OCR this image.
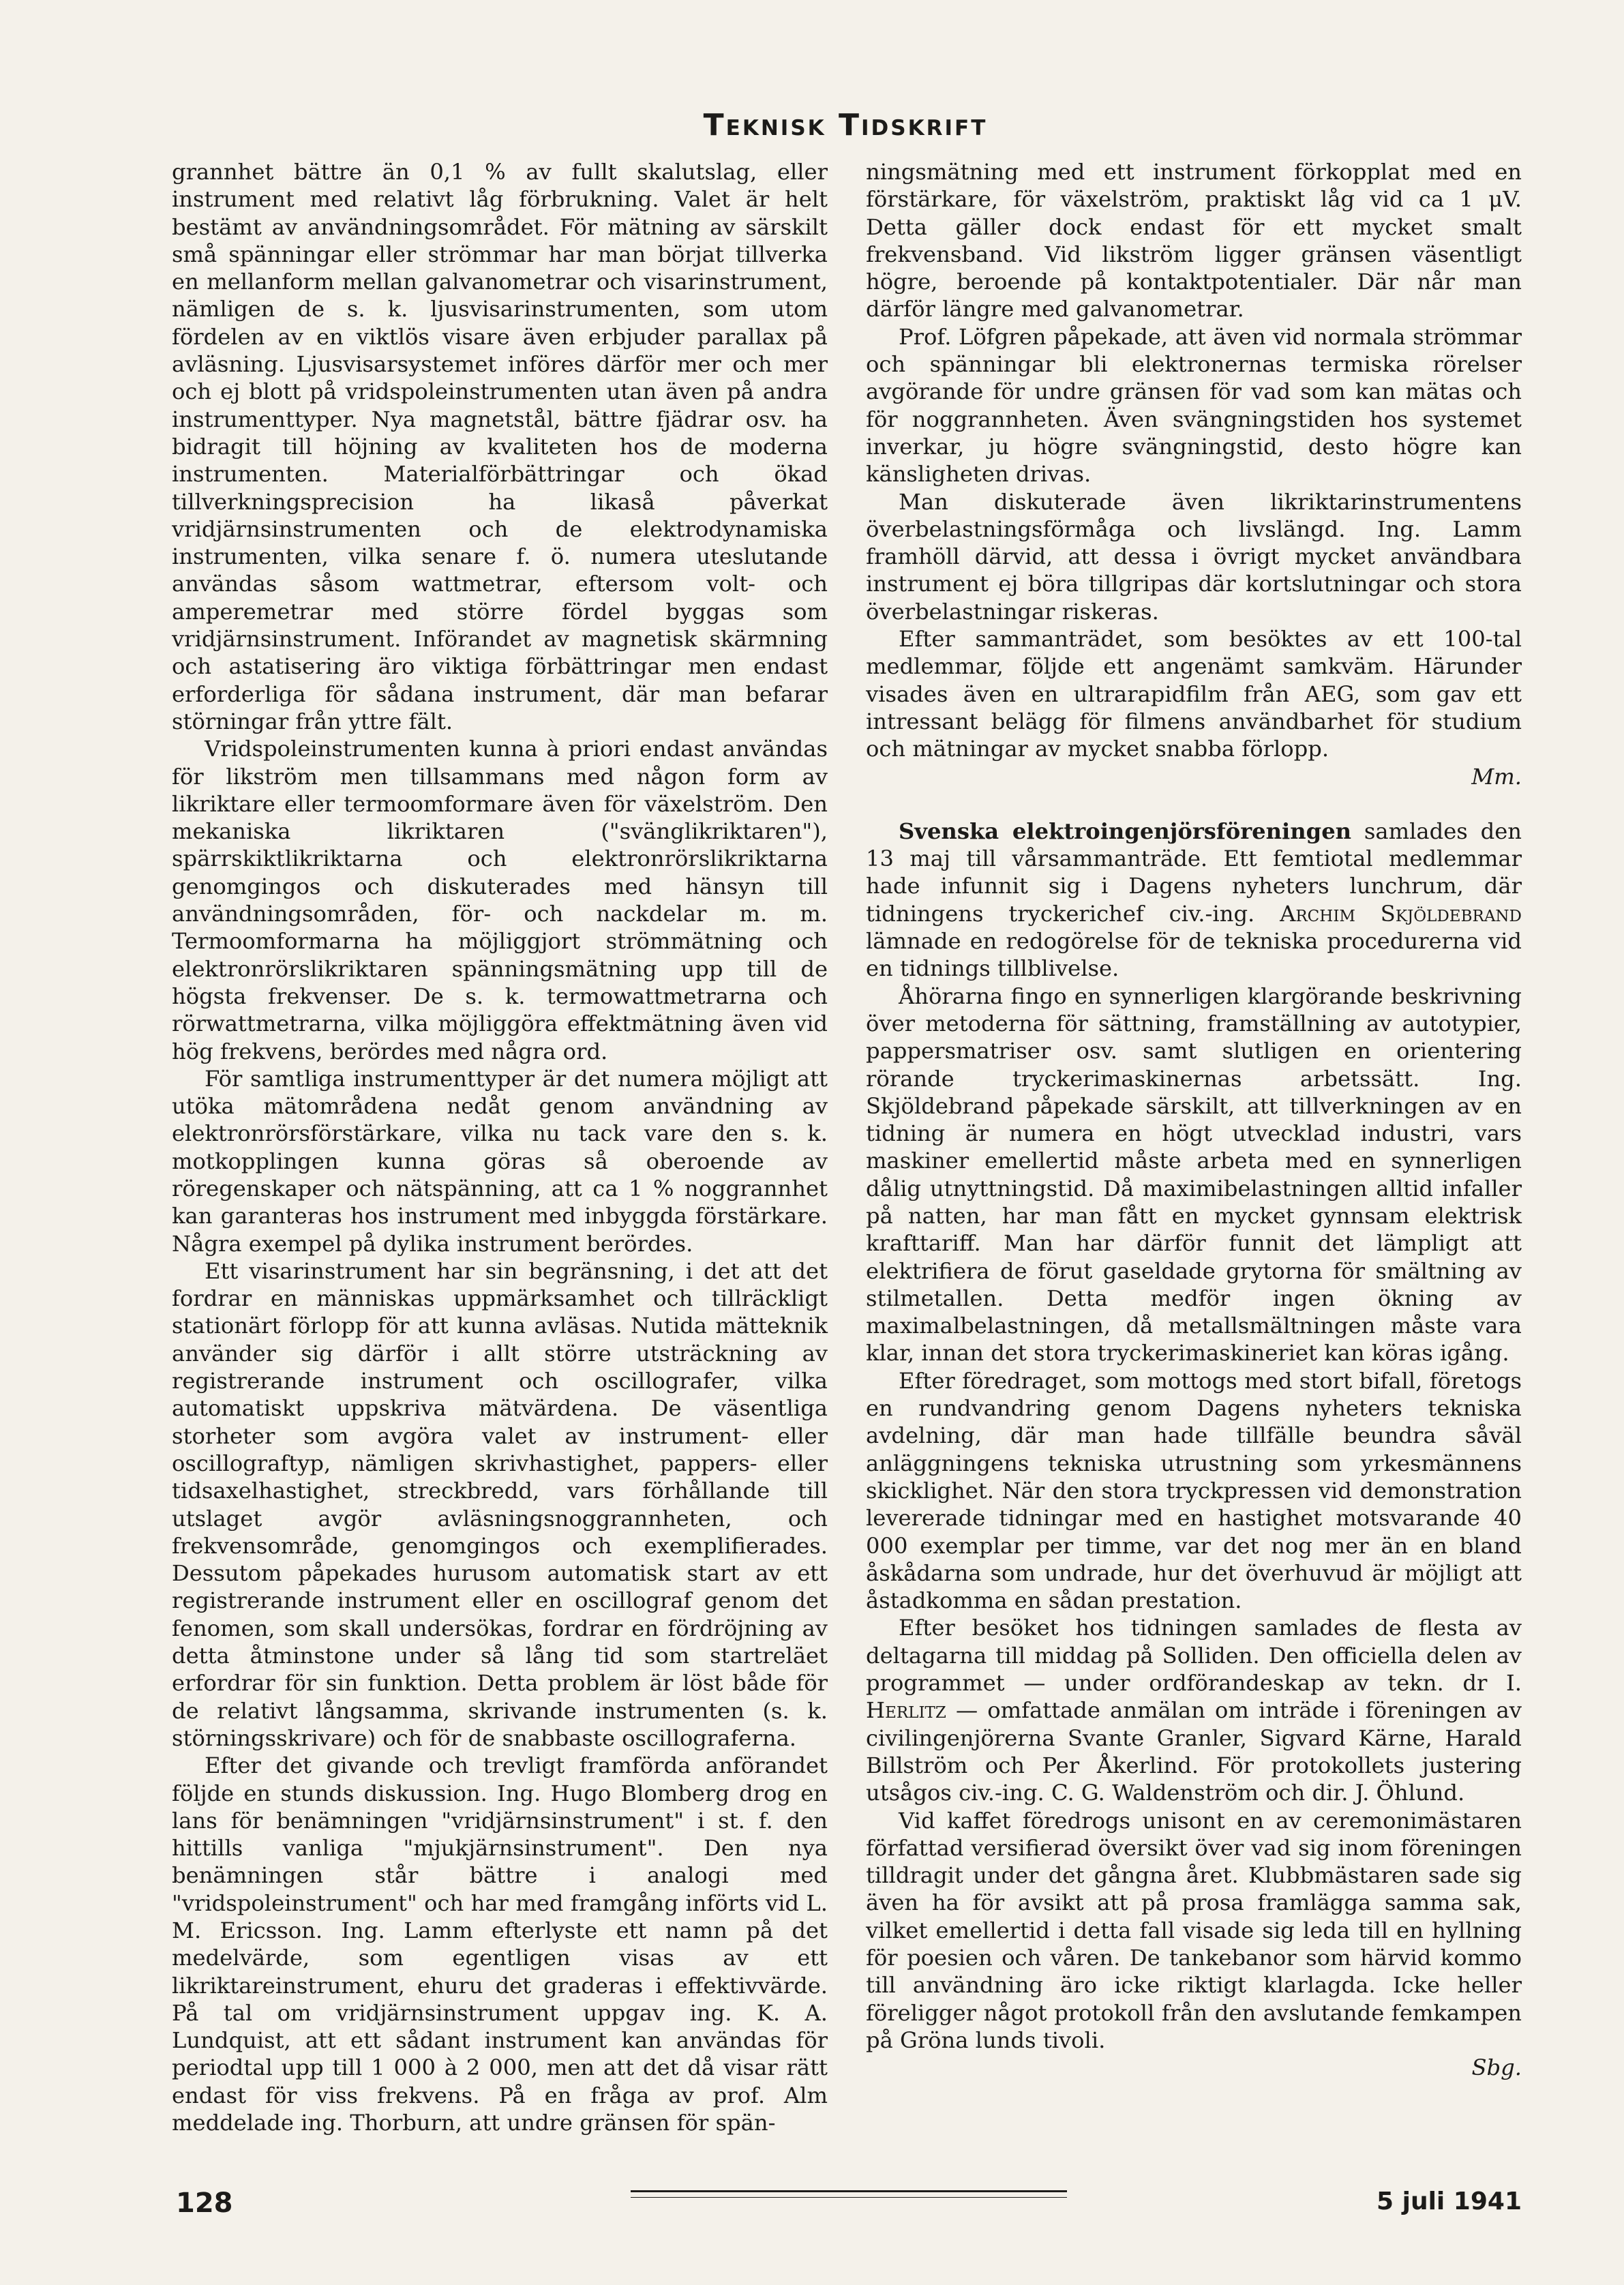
Teknisk Tidskrift

grannhet bättre än 0,1 % av fullt skalutslag, eller instrument med relativt låg förbrukning. Valet är helt bestämt av användningsområdet. För mätning av särskilt små spänningar eller strömmar har man börjat tillverka en mellanform mellan galvanometrar och visarinstrument, nämligen de s. k. ljusvisarinstrumenten, som utom fördelen av en viktlös visare även erbjuder parallax på avläsning. Ljusvisarsystemet införes därför mer och mer och ej blott på vridspoleinstrumenten utan även på andra instrumenttyper. Nya magnetstål, bättre fjädrar osv. ha bidragit till höjning av kvaliteten hos de moderna instrumenten. Materialförbättringar och ökad tillverkningsprecision ha likaså påverkat vridjärnsinstrumenten och de elektrodynamiska instrumenten, vilka senare f. ö. numera uteslutande användas såsom wattmetrar, eftersom volt- och amperemetrar med större fördel byggas som vridjärnsinstrument. Införandet av magnetisk skärmning och astatisering äro viktiga förbättringar men endast erforderliga för sådana instrument, där man befarar störningar från yttre fält.

Vridspoleinstrumenten kunna à priori endast användas för likström men tillsammans med någon form av likriktare eller termoomformare även för växelström. Den mekaniska likriktaren ("svänglikriktaren"), spärrskiktlikriktarna och elektronrörslikriktarna genomgingos och diskuterades med hänsyn till användningsområden, för- och nackdelar m. m. Termoomformarna ha möjliggjort strömmätning och elektronrörslikriktaren spänningsmätning upp till de högsta frekvenser. De s. k. termowattmetrarna och rörwattmetrarna, vilka möjliggöra effektmätning även vid hög frekvens, berördes med några ord.

För samtliga instrumenttyper är det numera möjligt att utöka mätområdena nedåt genom användning av elektronrörsförstärkare, vilka nu tack vare den s. k. motkopplingen kunna göras så oberoende av röregenskaper och nätspänning, att ca 1 % noggrannhet kan garanteras hos instrument med inbyggda förstärkare. Några exempel på dylika instrument berördes.

Ett visarinstrument har sin begränsning, i det att det fordrar en människas uppmärksamhet och tillräckligt stationärt förlopp för att kunna avläsas. Nutida mätteknik använder sig därför i allt större utsträckning av registrerande instrument och oscillografer, vilka automatiskt uppskriva mätvärdena. De väsentliga storheter som avgöra valet av instrument- eller oscillograftyp, nämligen skrivhastighet, pappers- eller tidsaxelhastighet, streckbredd, vars förhållande till utslaget avgör avläsningsnoggrannheten, och frekvensområde, genomgingos och exemplifierades. Dessutom påpekades hurusom automatisk start av ett registrerande instrument eller en oscillograf genom det fenomen, som skall undersökas, fordrar en fördröjning av detta åtminstone under så lång tid som startreläet erfordrar för sin funktion. Detta problem är löst både för de relativt långsamma, skrivande instrumenten (s. k. störningsskrivare) och för de snabbaste oscillograferna.

Efter det givande och trevligt framförda anförandet följde en stunds diskussion. Ing. Hugo Blomberg drog en lans för benämningen "vridjärnsinstrument" i st. f. den hittills vanliga "mjukjärnsinstrument". Den nya benämningen står bättre i analogi med "vridspoleinstrument" och har med framgång införts vid L. M. Ericsson. Ing. Lamm efterlyste ett namn på det medelvärde, som egentligen visas av ett likriktareinstrument, ehuru det graderas i effektivvärde. På tal om vridjärnsinstrument uppgav ing. K. A. Lundquist, att ett sådant instrument kan användas för periodtal upp till 1 000 à 2 000, men att det då visar rätt endast för viss frekvens. På en fråga av prof. Alm meddelade ing. Thorburn, att undre gränsen för spän-

ningsmätning med ett instrument förkopplat med en förstärkare, för växelström, praktiskt låg vid ca 1 μV. Detta gäller dock endast för ett mycket smalt frekvensband. Vid likström ligger gränsen väsentligt högre, beroende på kontaktpotentialer. Där når man därför längre med galvanometrar.

Prof. Löfgren påpekade, att även vid normala strömmar och spänningar bli elektronernas termiska rörelser avgörande för undre gränsen för vad som kan mätas och för noggrannheten. Även svängningstiden hos systemet inverkar, ju högre svängningstid, desto högre kan känsligheten drivas.

Man diskuterade även likriktarinstrumentens överbelastningsförmåga och livslängd. Ing. Lamm framhöll därvid, att dessa i övrigt mycket användbara instrument ej böra tillgripas där kortslutningar och stora överbelastningar riskeras.

Efter sammanträdet, som besöktes av ett 100-tal medlemmar, följde ett angenämt samkväm. Härunder visades även en ultrarapidfilm från AEG, som gav ett intressant belägg för filmens användbarhet för studium och mätningar av mycket snabba förlopp.

Mm.

Svenska elektroingenjörsföreningen samlades den 13 maj till vårsammanträde. Ett femtiotal medlemmar hade infunnit sig i Dagens nyheters lunchrum, där tidningens tryckerichef civ.-ing. Archim Skjöldebrand lämnade en redogörelse för de tekniska procedurerna vid en tidnings tillblivelse.

Åhörarna fingo en synnerligen klargörande beskrivning över metoderna för sättning, framställning av autotypier, pappersmatriser osv. samt slutligen en orientering rörande tryckerimaskinernas arbetssätt. Ing. Skjöldebrand påpekade särskilt, att tillverkningen av en tidning är numera en högt utvecklad industri, vars maskiner emellertid måste arbeta med en synnerligen dålig utnyttningstid. Då maximibelastningen alltid infaller på natten, har man fått en mycket gynnsam elektrisk krafttariff. Man har därför funnit det lämpligt att elektrifiera de förut gaseldade grytorna för smältning av stilmetallen. Detta medför ingen ökning av maximalbelastningen, då metallsmältningen måste vara klar, innan det stora tryckerimaskineriet kan köras igång.

Efter föredraget, som mottogs med stort bifall, företogs en rundvandring genom Dagens nyheters tekniska avdelning, där man hade tillfälle beundra såväl anläggningens tekniska utrustning som yrkesmännens skicklighet. När den stora tryckpressen vid demonstration levererade tidningar med en hastighet motsvarande 40 000 exemplar per timme, var det nog mer än en bland åskådarna som undrade, hur det överhuvud är möjligt att åstadkomma en sådan prestation.

Efter besöket hos tidningen samlades de flesta av deltagarna till middag på Solliden. Den officiella delen av programmet — under ordförandeskap av tekn. dr I. Herlitz — omfattade anmälan om inträde i föreningen av civilingenjörerna Svante Granler, Sigvard Kärne, Harald Billström och Per Åkerlind. För protokollets justering utsågos civ.-ing. C. G. Waldenström och dir. J. Öhlund.

Vid kaffet föredrogs unisont en av ceremonimästaren författad versifierad översikt över vad sig inom föreningen tilldragit under det gångna året. Klubbmästaren sade sig även ha för avsikt att på prosa framlägga samma sak, vilket emellertid i detta fall visade sig leda till en hyllning för poesien och våren. De tankebanor som härvid kommo till användning äro icke riktigt klarlagda. Icke heller föreligger något protokoll från den avslutande femkampen på Gröna lunds tivoli.

Sbg.

128	5 juli 1941
